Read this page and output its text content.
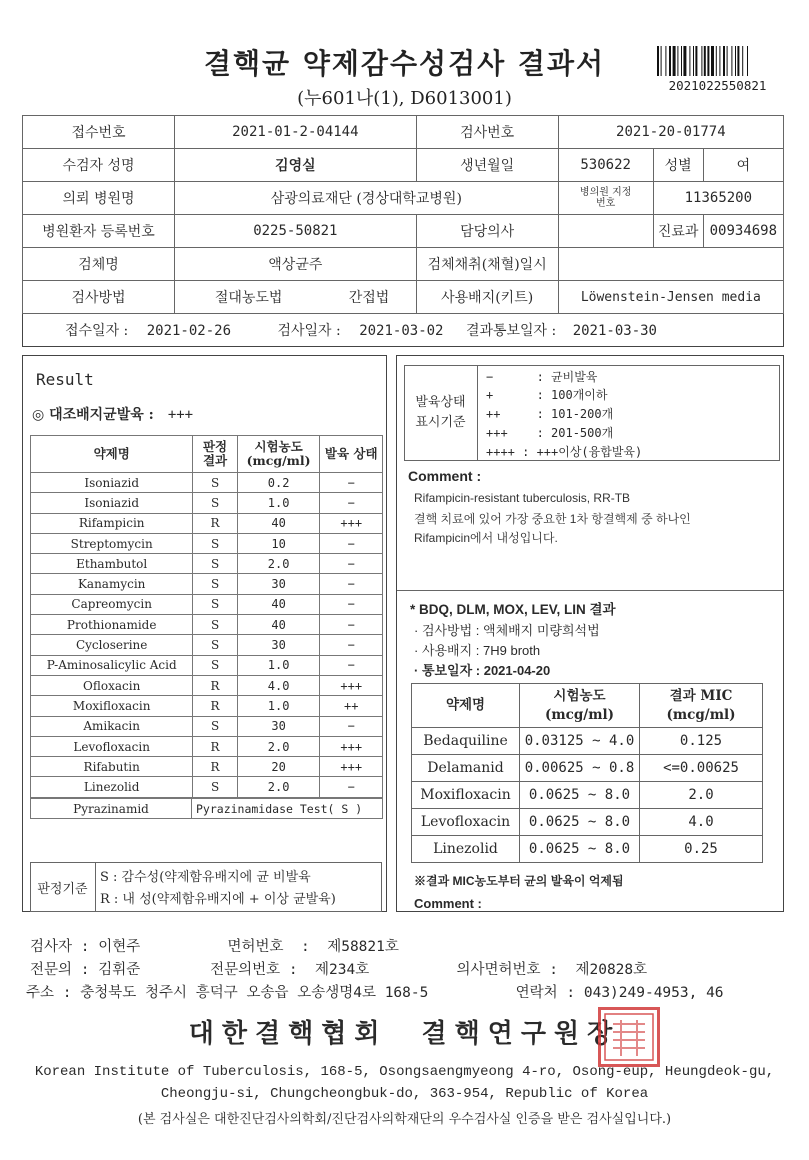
결핵균 약제감수성검사 결과서
(누601나(1), D6013001)
2021022550821
접수번호	2021-01-2-04144		검사번호	2021-20-01774		
수검자 성명	김영실		생년월일	530622	성별	여
의뢰 병원명	삼광의료재단 (경상대학교병원)			병의원 지정번호	11365200	
병원환자 등록번호	0225-50821		담당의사		진료과	00934698
검체명	액상균주		검체채취(채혈)일시			
검사방법	절대농도법	간접법	사용배지(키트)	Löwenstein-Jensen media		
접수일자 : 2021-02-26 검사일자 : 2021-03-02 결과통보일자 : 2021-03-30						
Result
◎ 대조배지균발육 : +++
약제명	판정 결과	시험농도 (mcg/ml)	발육 상태
Isoniazid	S	0.2	−
Isoniazid	S	1.0	−
Rifampicin	R	40	+++
Streptomycin	S	10	−
Ethambutol	S	2.0	−
Kanamycin	S	30	−
Capreomycin	S	40	−
Prothionamide	S	40	−
Cycloserine	S	30	−
P-Aminosalicylic Acid	S	1.0	−
Ofloxacin	R	4.0	+++
Moxifloxacin	R	1.0	++
Amikacin	S	30	−
Levofloxacin	R	2.0	+++
Rifabutin	R	20	+++
Linezolid	S	2.0	−
Pyrazinamid	Pyrazinamidase Test( S )
판정기준
S : 감수성(약제함유배지에 균 비발육
R : 내 성(약제함유배지에 + 이상 균발육)
발육상태
표시기준
−      : 균비발육
+      : 100개이하
++     : 101-200개
+++    : 201-500개
++++ : +++이상(융합발육)
Comment :
Rifampicin-resistant tuberculosis, RR-TB
결핵 치료에 있어 가장 중요한 1차 항결핵제 중 하나인
Rifampicin에서 내성입니다.
* BDQ, DLM, MOX, LEV, LIN 결과
· 검사방법 : 액체배지 미량희석법
· 사용배지 : 7H9 broth
· 통보일자 : 2021-04-20
약제명	시험농도 (mcg/ml)	결과 MIC (mcg/ml)
Bedaquiline	0.03125 ~ 4.0	0.125
Delamanid	0.00625 ~ 0.8	<=0.00625
Moxifloxacin	0.0625 ~ 8.0	2.0
Levofloxacin	0.0625 ~ 8.0	4.0
Linezolid	0.0625 ~ 8.0	0.25
※결과 MIC농도부터 균의 발육이 억제됨
Comment :
검사자 : 이현주          면허번호  :  제58821호
전문의 : 김휘준        전문의번호 :  제234호          의사면허번호 :  제20828호
주소 : 충청북도 청주시 흥덕구 오송읍 오송생명4로 168-5          연락처 : 043)249-4953, 46
대한결핵협회  결핵연구원장
Korean Institute of Tuberculosis, 168-5, Osongsaengmyeong 4-ro, Osong-eup, Heungdeok-gu,
Cheongju-si, Chungcheongbuk-do, 363-954, Republic of Korea
(본 검사실은 대한진단검사의학회/진단검사의학재단의 우수검사실 인증을 받은 검사실입니다.)
